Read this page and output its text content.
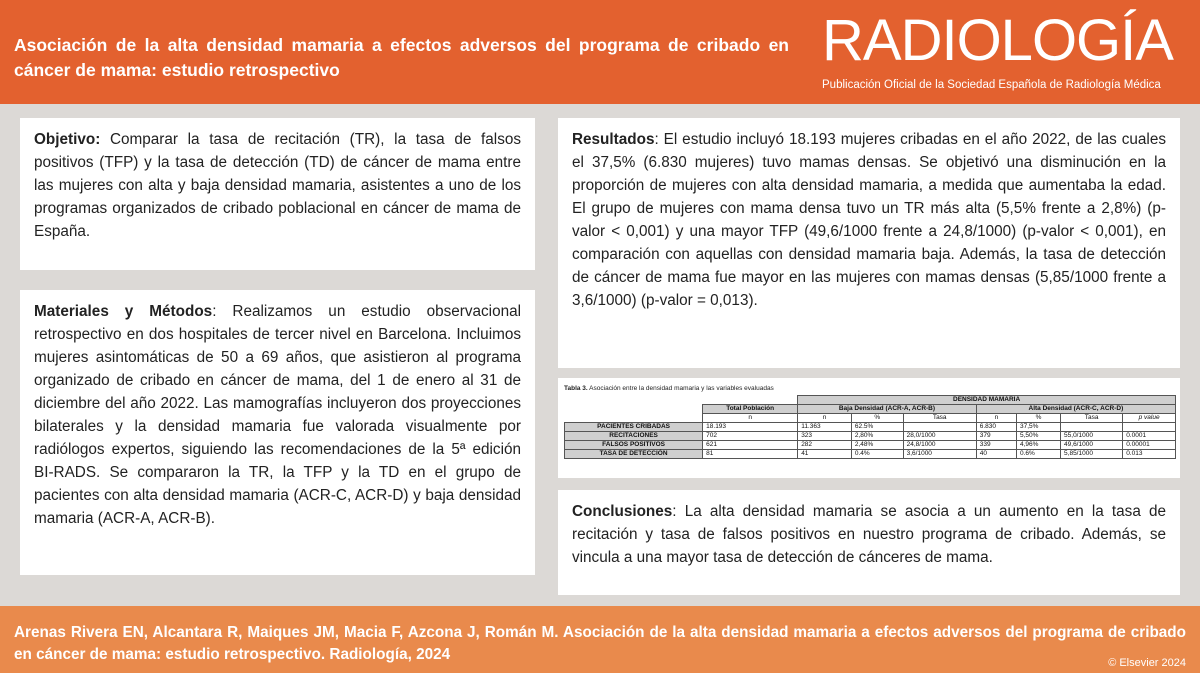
Asociación de la alta densidad mamaria a efectos adversos del programa de cribado en cáncer de mama: estudio retrospectivo	RADIOLOGÍA
Publicación Oficial de la Sociedad Española de Radiología Médica
Objetivo: Comparar la tasa de recitación (TR), la tasa de falsos positivos (TFP) y la tasa de detección (TD) de cáncer de mama entre las mujeres con alta y baja densidad mamaria, asistentes a uno de los programas organizados de cribado poblacional en cáncer de mama de España.
Materiales y Métodos: Realizamos un estudio observacional retrospectivo en dos hospitales de tercer nivel en Barcelona. Incluimos mujeres asintomáticas de 50 a 69 años, que asistieron al programa organizado de cribado en cáncer de mama, del 1 de enero al 31 de diciembre del año 2022. Las mamografías incluyeron dos proyecciones bilaterales y la densidad mamaria fue valorada visualmente por radiólogos expertos, siguiendo las recomendaciones de la 5ª edición BI-RADS. Se compararon la TR, la TFP y la TD en el grupo de pacientes con alta densidad mamaria (ACR-C, ACR-D) y baja densidad mamaria (ACR-A, ACR-B).
Resultados: El estudio incluyó 18.193 mujeres cribadas en el año 2022, de las cuales el 37,5% (6.830 mujeres) tuvo mamas densas. Se objetivó una disminución en la proporción de mujeres con alta densidad mamaria, a medida que aumentaba la edad. El grupo de mujeres con mama densa tuvo un TR más alta (5,5% frente a 2,8%) (p-valor < 0,001) y una mayor TFP (49,6/1000 frente a 24,8/1000) (p-valor < 0,001), en comparación con aquellas con densidad mamaria baja. Además, la tasa de detección de cáncer de mama fue mayor en las mujeres con mamas densas (5,85/1000 frente a 3,6/1000) (p-valor = 0,013).
Tabla 3. Asociación entre la densidad mamaria y las variables evaluadas
		DENSIDAD MAMARIA						
	Total Población	Baja Densidad (ACR-A, ACR-B)			Alta Densidad (ACR-C, ACR-D)			
	n	n	%	Tasa	n	%	Tasa	p value
PACIENTES CRIBADAS	18.193	11.363	62.5%		6.830	37,5%		
RECITACIONES	702	323	2,80%	28,0/1000	379	5,50%	55,0/1000	0.0001
FALSOS POSITIVOS	621	282	2,48%	24,8/1000	339	4,96%	49,6/1000	0.00001
TASA DE DETECCIÓN	81	41	0.4%	3,6/1000	40	0.6%	5,85/1000	0.013
Conclusiones: La alta densidad mamaria se asocia a un aumento en la tasa de recitación y tasa de falsos positivos en nuestro programa de cribado. Además, se vincula a una mayor tasa de detección de cánceres de mama.
Arenas Rivera EN, Alcantara R, Maiques JM, Macia F, Azcona J, Román M. Asociación de la alta densidad mamaria a efectos adversos del programa de cribado en cáncer de mama: estudio retrospectivo. Radiología, 2024	© Elsevier 2024
